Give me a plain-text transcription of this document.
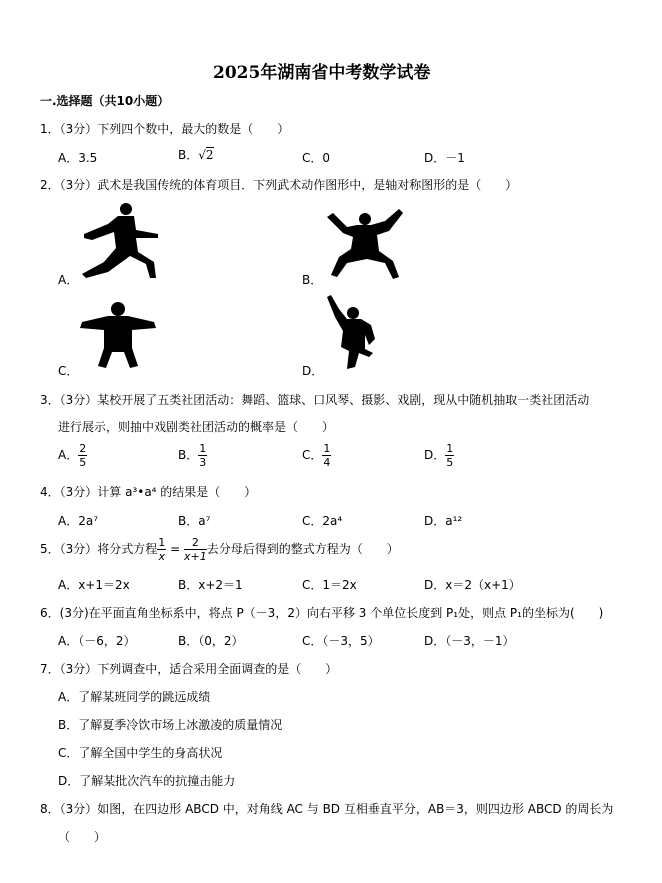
2025年湖南省中考数学试卷
一.选择题（共10小题）
1．（3分）下列四个数中，最大的数是（　　）
A．3.5	B．√2	C．0	D．－1
2．（3分）武术是我国传统的体育项目．下列武术动作图形中，是轴对称图形的是（　　）
A．	B．
C．	D．
3．（3分）某校开展了五类社团活动：舞蹈、篮球、口风琴、摄影、戏剧，现从中随机抽取一类社团活动
进行展示，则抽中戏剧类社团活动的概率是（　　）
A． $\frac{2}{5}$	B． $\frac{1}{3}$	C． $\frac{1}{4}$	D． $\frac{1}{5}$
4．（3分）计算 a³•a⁴ 的结果是（　　）
A．2a⁷	B．a⁷	C．2a⁴	D．a¹²
5．（3分）将分式方程 $\frac{1}{x} = \frac{2}{x+1}$ 去分母后得到的整式方程为（　　）
A．x+1＝2x	B．x+2＝1	C．1＝2x	D．x＝2（x+1）
6．(3分)在平面直角坐标系中，将点 P（－3，2）向右平移 3 个单位长度到 P₁处，则点 P₁的坐标为(　　)
A．（－6，2）	B．（0，2）	C．（－3，5）	D．（－3，－1）
7．（3分）下列调查中，适合采用全面调查的是（　　）
A．了解某班同学的跳远成绩
B．了解夏季冷饮市场上冰激凌的质量情况
C．了解全国中学生的身高状况
D．了解某批次汽车的抗撞击能力
8．（3分）如图，在四边形 ABCD 中，对角线 AC 与 BD 互相垂直平分，AB＝3，则四边形 ABCD 的周长为
（　　）
